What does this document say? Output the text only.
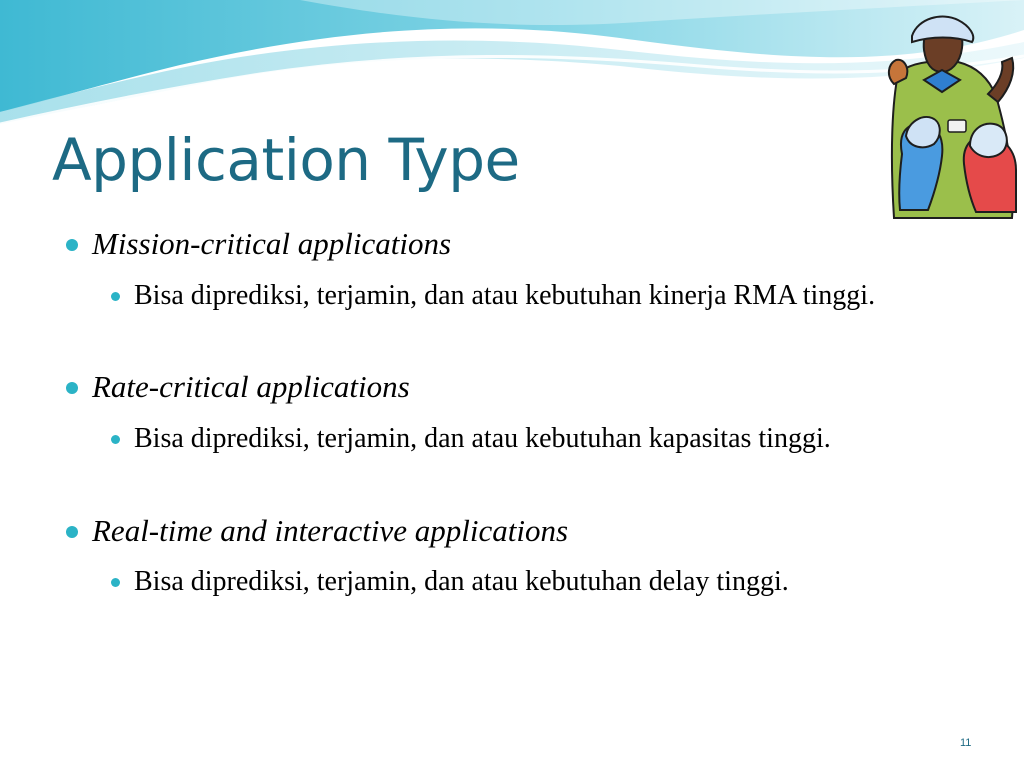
Application Type
Mission-critical applications
Bisa diprediksi, terjamin, dan atau kebutuhan kinerja RMA tinggi.
Rate-critical applications
Bisa diprediksi, terjamin, dan atau kebutuhan kapasitas tinggi.
Real-time and interactive applications
Bisa diprediksi, terjamin, dan atau kebutuhan delay tinggi.
11
